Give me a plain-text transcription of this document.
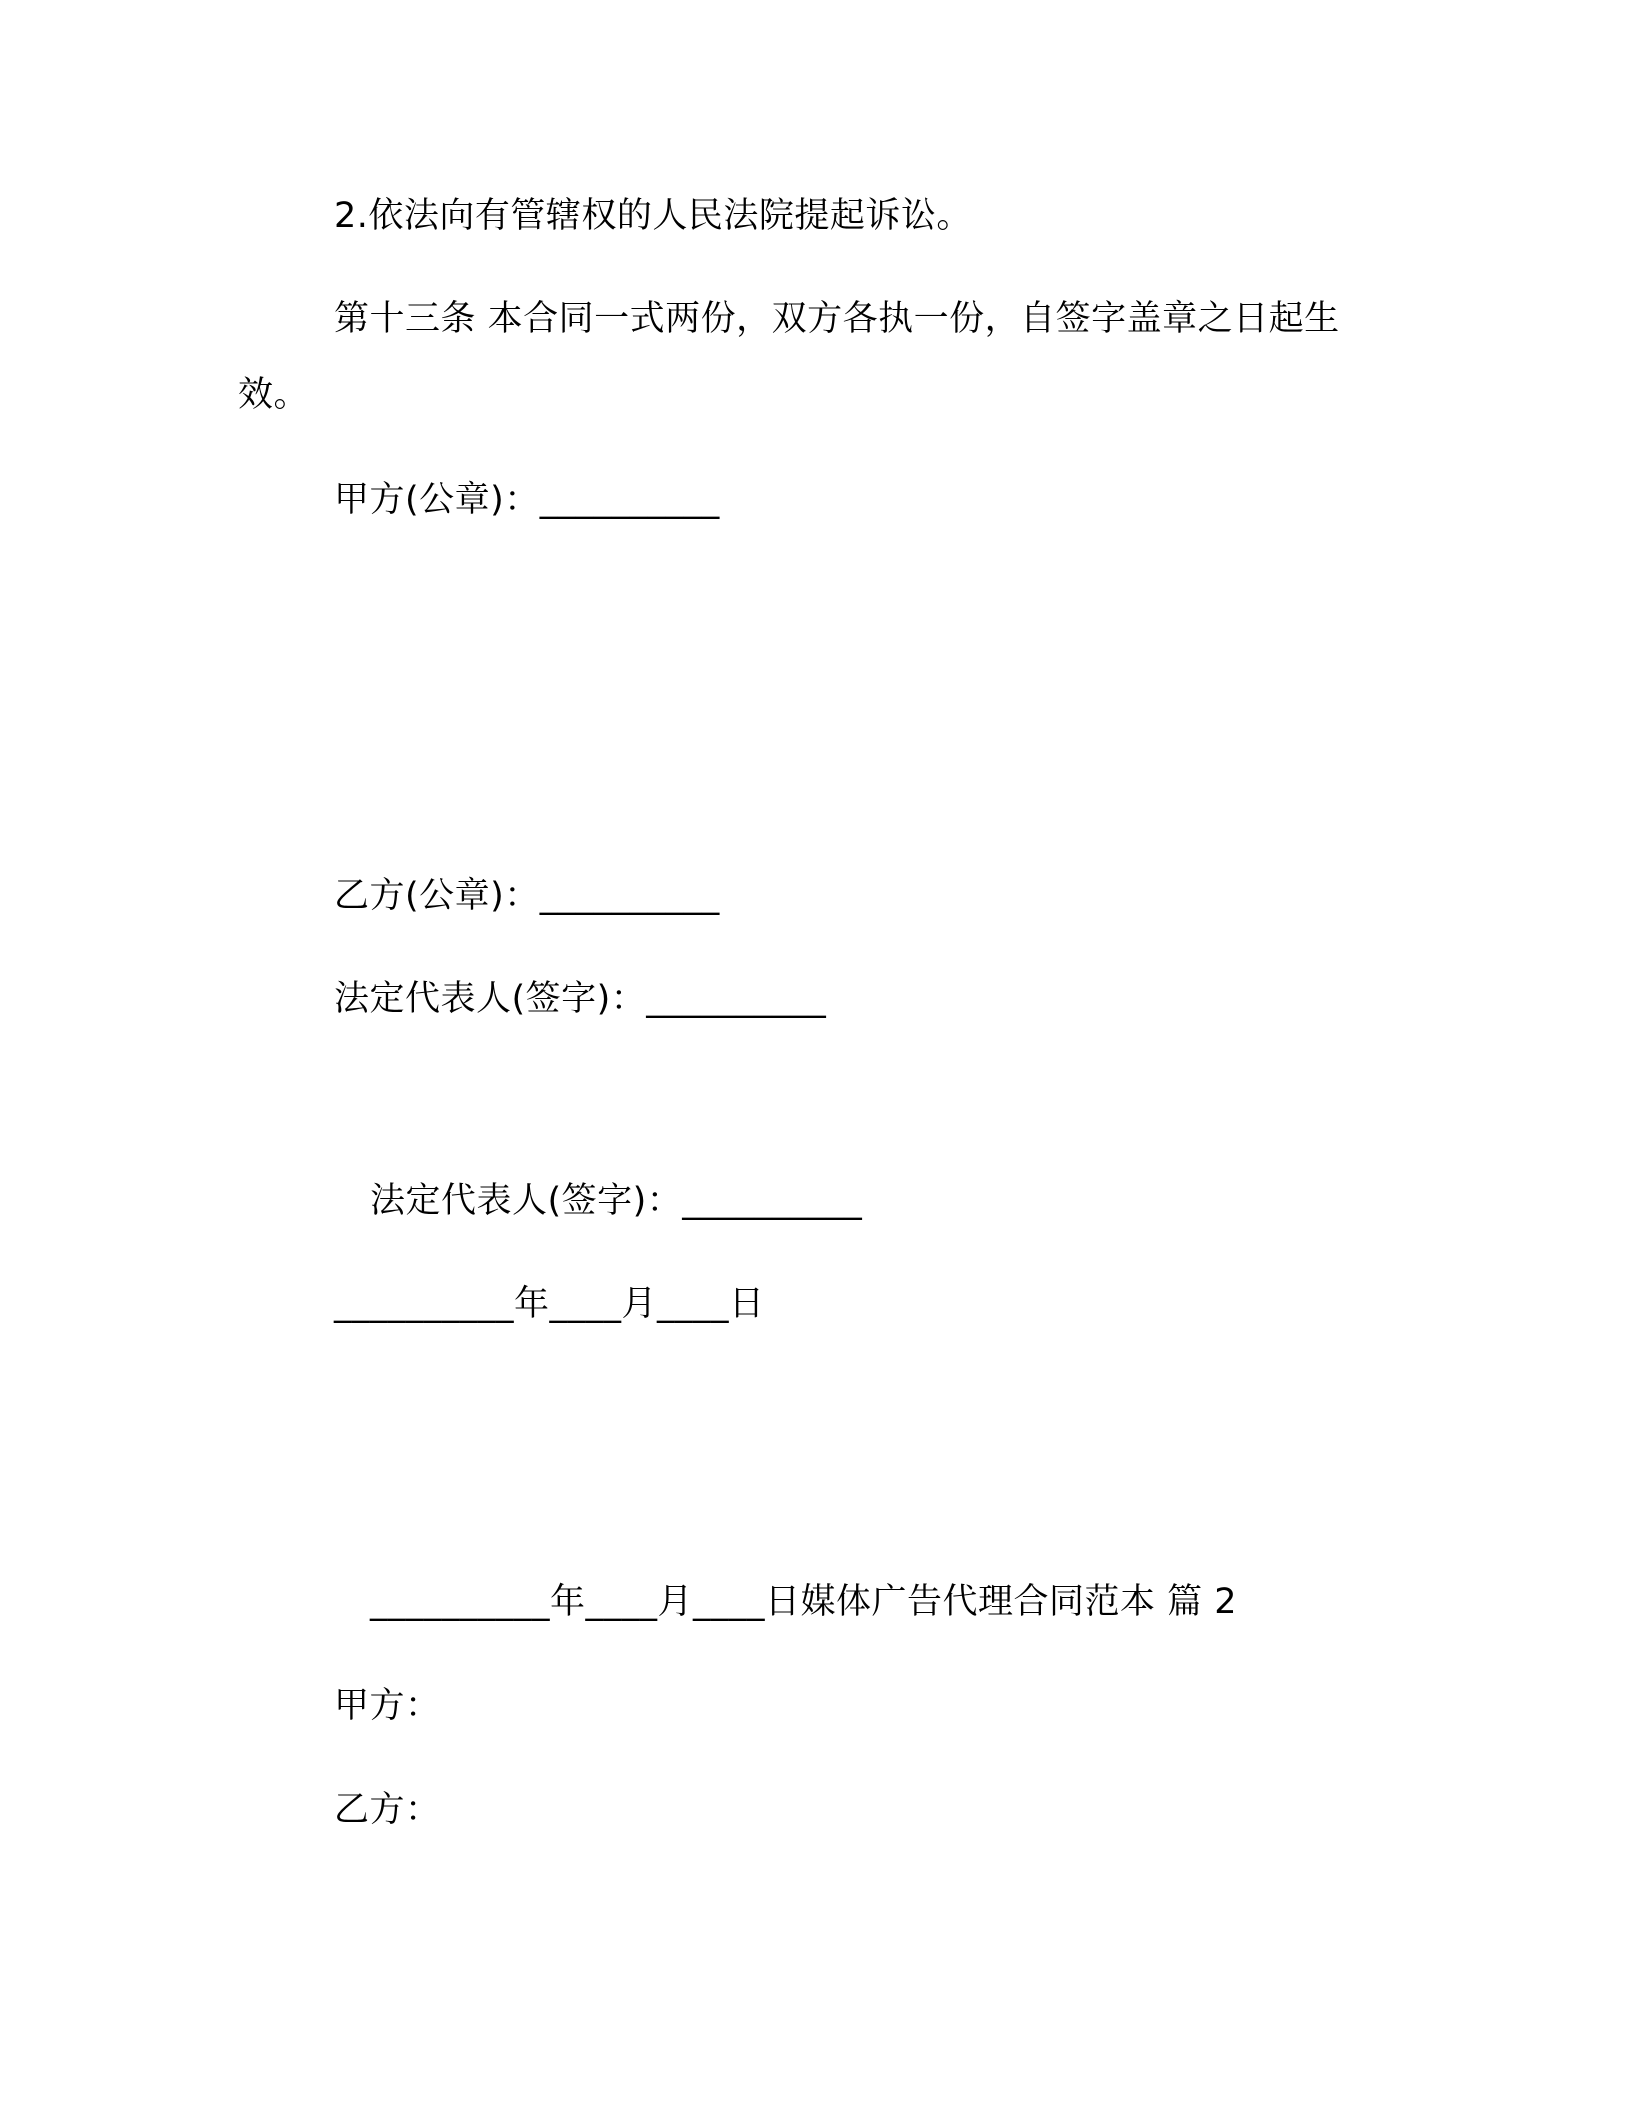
2.依法向有管辖权的人民法院提起诉讼。
第十三条 本合同一式两份，双方各执一份，自签字盖章之日起生
效。
甲方(公章)：__________
乙方(公章)：__________
法定代表人(签字)：__________
法定代表人(签字)：__________
__________年____月____日
__________年____月____日媒体广告代理合同范本 篇 2
甲方：
乙方：
